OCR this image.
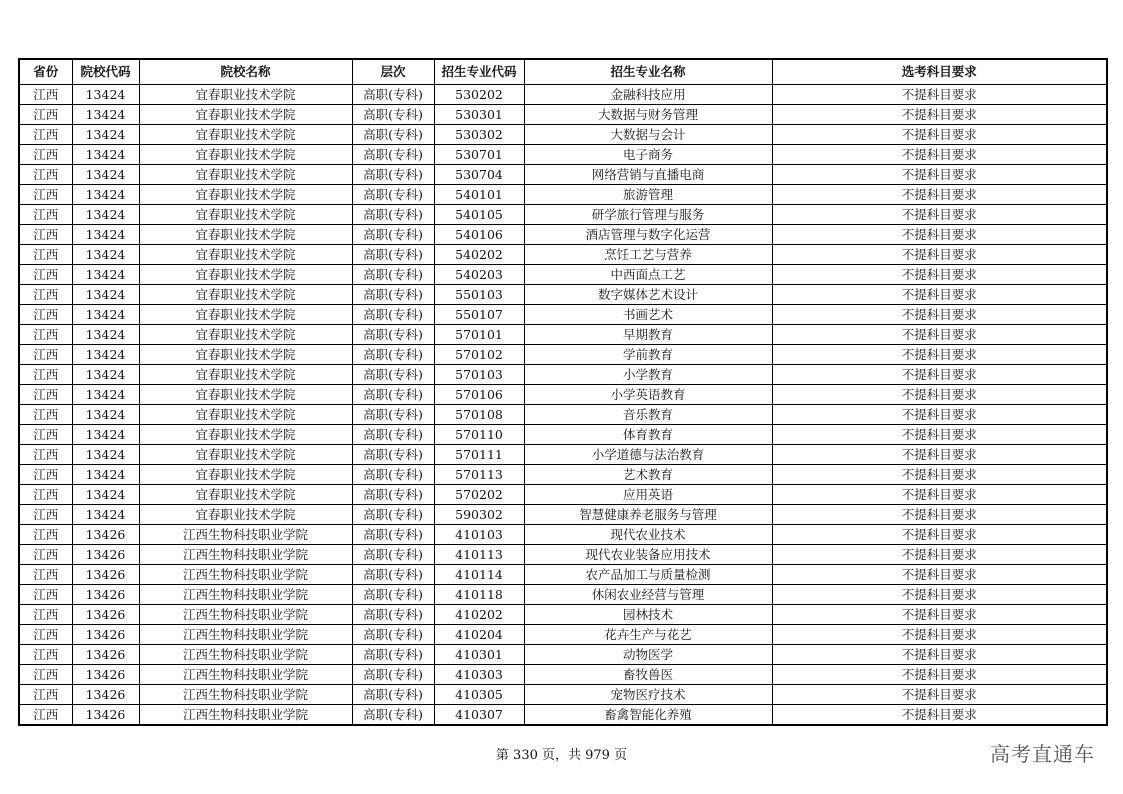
省份	院校代码	院校名称	层次	招生专业代码	招生专业名称	选考科目要求
江西	13424	宜春职业技术学院	高职(专科)	530202	金融科技应用	不提科目要求
江西	13424	宜春职业技术学院	高职(专科)	530301	大数据与财务管理	不提科目要求
江西	13424	宜春职业技术学院	高职(专科)	530302	大数据与会计	不提科目要求
江西	13424	宜春职业技术学院	高职(专科)	530701	电子商务	不提科目要求
江西	13424	宜春职业技术学院	高职(专科)	530704	网络营销与直播电商	不提科目要求
江西	13424	宜春职业技术学院	高职(专科)	540101	旅游管理	不提科目要求
江西	13424	宜春职业技术学院	高职(专科)	540105	研学旅行管理与服务	不提科目要求
江西	13424	宜春职业技术学院	高职(专科)	540106	酒店管理与数字化运营	不提科目要求
江西	13424	宜春职业技术学院	高职(专科)	540202	烹饪工艺与营养	不提科目要求
江西	13424	宜春职业技术学院	高职(专科)	540203	中西面点工艺	不提科目要求
江西	13424	宜春职业技术学院	高职(专科)	550103	数字媒体艺术设计	不提科目要求
江西	13424	宜春职业技术学院	高职(专科)	550107	书画艺术	不提科目要求
江西	13424	宜春职业技术学院	高职(专科)	570101	早期教育	不提科目要求
江西	13424	宜春职业技术学院	高职(专科)	570102	学前教育	不提科目要求
江西	13424	宜春职业技术学院	高职(专科)	570103	小学教育	不提科目要求
江西	13424	宜春职业技术学院	高职(专科)	570106	小学英语教育	不提科目要求
江西	13424	宜春职业技术学院	高职(专科)	570108	音乐教育	不提科目要求
江西	13424	宜春职业技术学院	高职(专科)	570110	体育教育	不提科目要求
江西	13424	宜春职业技术学院	高职(专科)	570111	小学道德与法治教育	不提科目要求
江西	13424	宜春职业技术学院	高职(专科)	570113	艺术教育	不提科目要求
江西	13424	宜春职业技术学院	高职(专科)	570202	应用英语	不提科目要求
江西	13424	宜春职业技术学院	高职(专科)	590302	智慧健康养老服务与管理	不提科目要求
江西	13426	江西生物科技职业学院	高职(专科)	410103	现代农业技术	不提科目要求
江西	13426	江西生物科技职业学院	高职(专科)	410113	现代农业装备应用技术	不提科目要求
江西	13426	江西生物科技职业学院	高职(专科)	410114	农产品加工与质量检测	不提科目要求
江西	13426	江西生物科技职业学院	高职(专科)	410118	休闲农业经营与管理	不提科目要求
江西	13426	江西生物科技职业学院	高职(专科)	410202	园林技术	不提科目要求
江西	13426	江西生物科技职业学院	高职(专科)	410204	花卉生产与花艺	不提科目要求
江西	13426	江西生物科技职业学院	高职(专科)	410301	动物医学	不提科目要求
江西	13426	江西生物科技职业学院	高职(专科)	410303	畜牧兽医	不提科目要求
江西	13426	江西生物科技职业学院	高职(专科)	410305	宠物医疗技术	不提科目要求
江西	13426	江西生物科技职业学院	高职(专科)	410307	畜禽智能化养殖	不提科目要求
第 330 页，共 979 页	高考直通车
